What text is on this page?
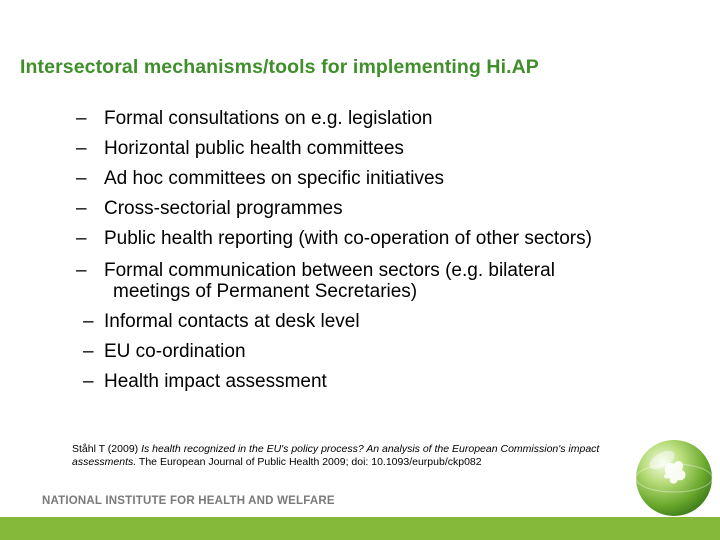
Intersectoral mechanisms/tools for implementing Hi.AP
– Formal consultations on e.g. legislation
– Horizontal public health committees
– Ad hoc committees on specific initiatives
– Cross-sectorial programmes
– Public health reporting (with co-operation of other sectors)
– Formal communication between sectors (e.g. bilateral
meetings of Permanent Secretaries)
– Informal contacts at desk level
– EU co-ordination
– Health impact assessment
Ståhl T (2009) Is health recognized in the EU's policy process? An analysis of the European Commission's impact assessments. The European Journal of Public Health 2009; doi: 10.1093/eurpub/ckp082
NATIONAL INSTITUTE FOR HEALTH AND WELFARE
